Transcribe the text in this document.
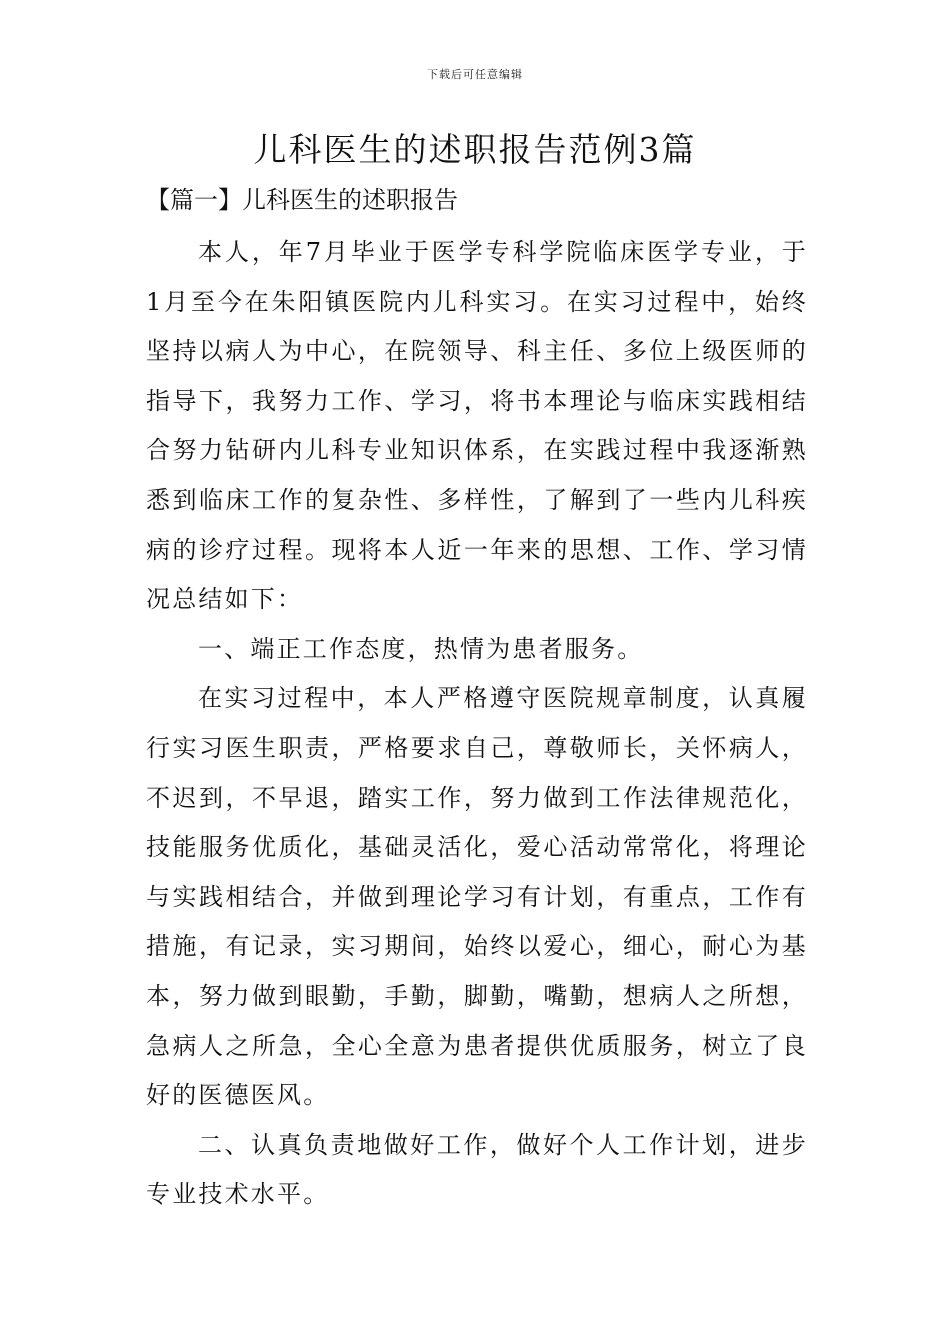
下载后可任意编辑
儿科医生的述职报告范例3篇
【篇一】儿科医生的述职报告

本人，年7月毕业于医学专科学院临床医学专业，于1月至今在朱阳镇医院内儿科实习。在实习过程中，始终坚持以病人为中心，在院领导、科主任、多位上级医师的指导下，我努力工作、学习，将书本理论与临床实践相结合努力钻研内儿科专业知识体系，在实践过程中我逐渐熟悉到临床工作的复杂性、多样性，了解到了一些内儿科疾病的诊疗过程。现将本人近一年来的思想、工作、学习情况总结如下：

一、端正工作态度，热情为患者服务。

在实习过程中，本人严格遵守医院规章制度，认真履行实习医生职责，严格要求自己，尊敬师长，关怀病人，不迟到，不早退，踏实工作，努力做到工作法律规范化，技能服务优质化，基础灵活化，爱心活动常常化，将理论与实践相结合，并做到理论学习有计划，有重点，工作有措施，有记录，实习期间，始终以爱心，细心，耐心为基本，努力做到眼勤，手勤，脚勤，嘴勤，想病人之所想，急病人之所急，全心全意为患者提供优质服务，树立了良好的医德医风。

二、认真负责地做好工作，做好个人工作计划，进步专业技术水平。
